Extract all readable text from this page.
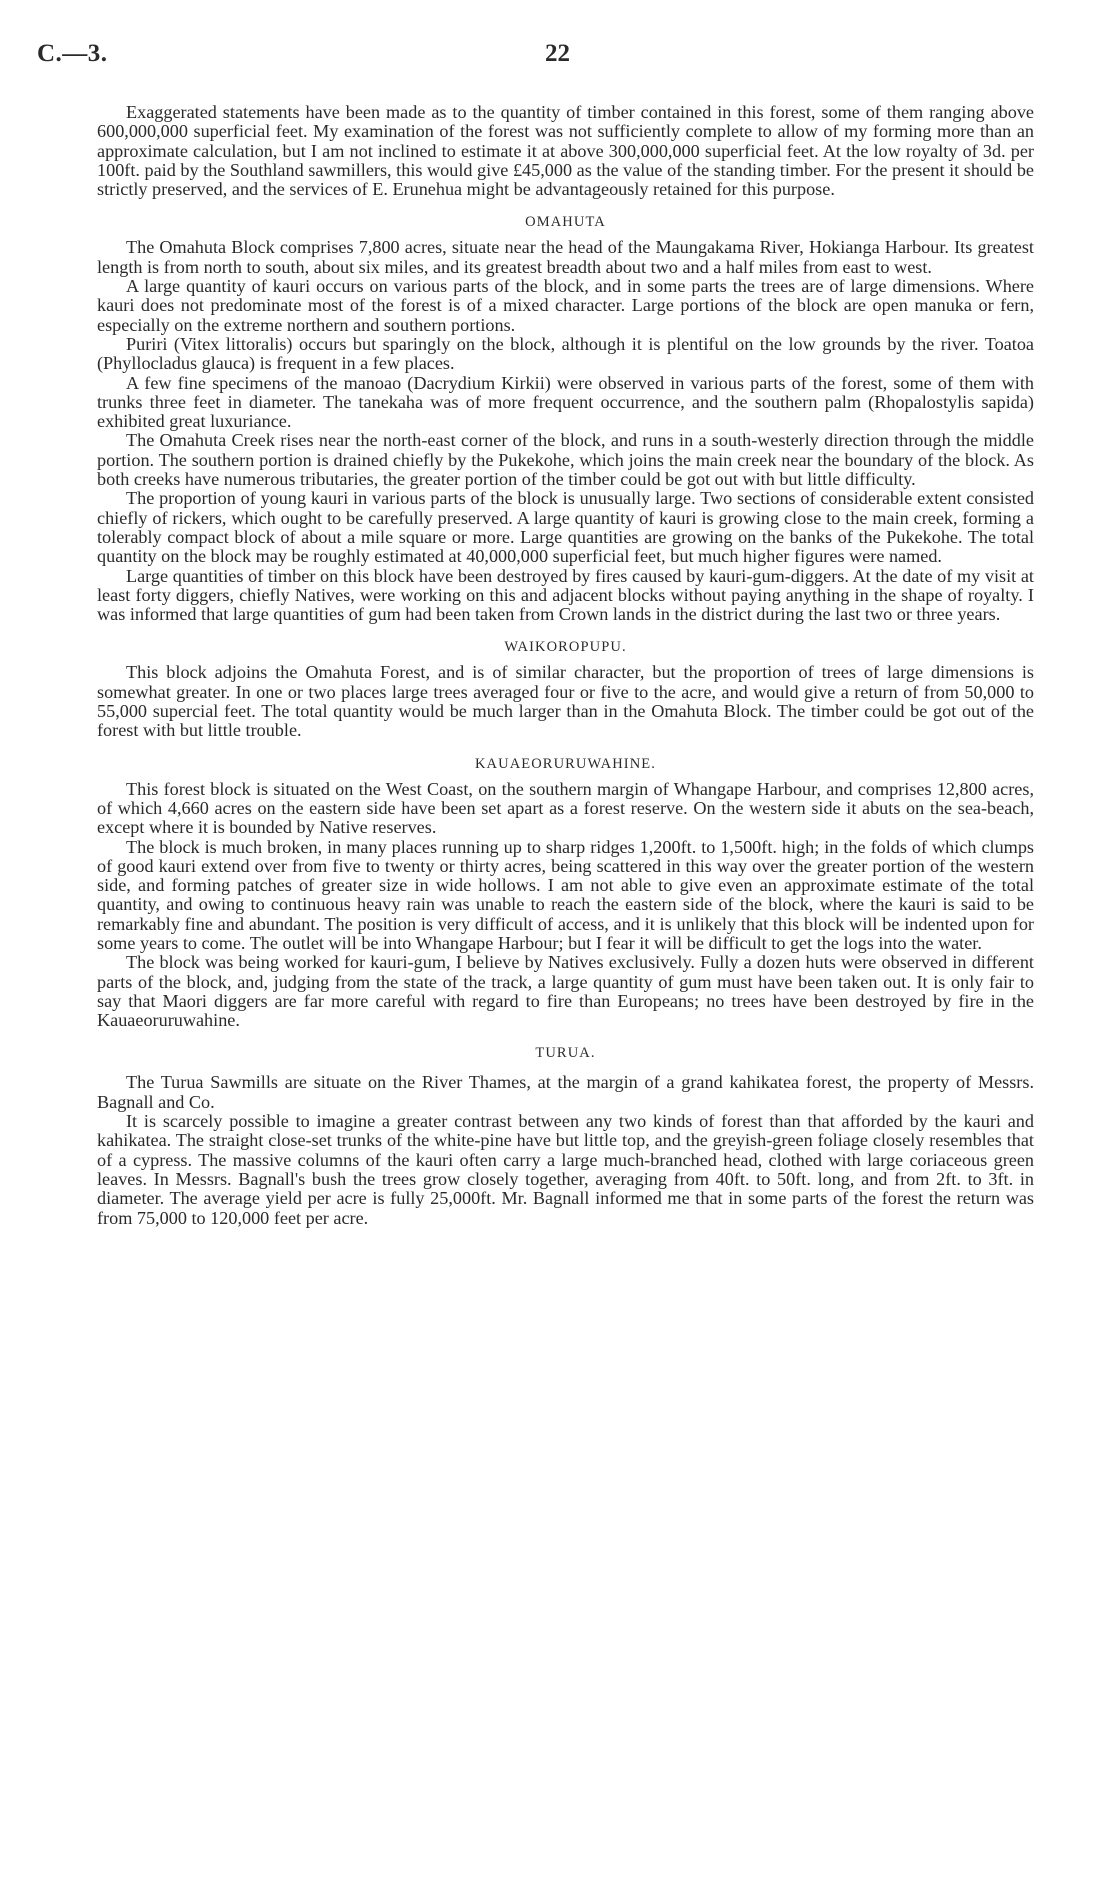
C.—3.	22

Exaggerated statements have been made as to the quantity of timber contained in this forest, some of them ranging above 600,000,000 superficial feet. My examination of the forest was not sufficiently complete to allow of my forming more than an approximate calculation, but I am not inclined to estimate it at above 300,000,000 superficial feet. At the low royalty of 3d. per 100ft. paid by the Southland sawmillers, this would give £45,000 as the value of the standing timber. For the present it should be strictly preserved, and the services of E. Erunehua might be advantageously retained for this purpose.

OMAHUTA

The Omahuta Block comprises 7,800 acres, situate near the head of the Maungakama River, Hokianga Harbour. Its greatest length is from north to south, about six miles, and its greatest breadth about two and a half miles from east to west.

A large quantity of kauri occurs on various parts of the block, and in some parts the trees are of large dimensions. Where kauri does not predominate most of the forest is of a mixed character. Large portions of the block are open manuka or fern, especially on the extreme northern and southern portions.

Puriri (Vitex littoralis) occurs but sparingly on the block, although it is plentiful on the low grounds by the river. Toatoa (Phyllocladus glauca) is frequent in a few places.

A few fine specimens of the manoao (Dacrydium Kirkii) were observed in various parts of the forest, some of them with trunks three feet in diameter. The tanekaha was of more frequent occurrence, and the southern palm (Rhopalostylis sapida) exhibited great luxuriance.

The Omahuta Creek rises near the north-east corner of the block, and runs in a south-westerly direction through the middle portion. The southern portion is drained chiefly by the Pukekohe, which joins the main creek near the boundary of the block. As both creeks have numerous tributaries, the greater portion of the timber could be got out with but little difficulty.

The proportion of young kauri in various parts of the block is unusually large. Two sections of considerable extent consisted chiefly of rickers, which ought to be carefully preserved. A large quantity of kauri is growing close to the main creek, forming a tolerably compact block of about a mile square or more. Large quantities are growing on the banks of the Pukekohe. The total quantity on the block may be roughly estimated at 40,000,000 superficial feet, but much higher figures were named.

Large quantities of timber on this block have been destroyed by fires caused by kauri-gum-diggers. At the date of my visit at least forty diggers, chiefly Natives, were working on this and adjacent blocks without paying anything in the shape of royalty. I was informed that large quantities of gum had been taken from Crown lands in the district during the last two or three years.

WAIKOROPUPU.

This block adjoins the Omahuta Forest, and is of similar character, but the proportion of trees of large dimensions is somewhat greater. In one or two places large trees averaged four or five to the acre, and would give a return of from 50,000 to 55,000 supercial feet. The total quantity would be much larger than in the Omahuta Block. The timber could be got out of the forest with but little trouble.

KAUAEORURUWAHINE.

This forest block is situated on the West Coast, on the southern margin of Whangape Harbour, and comprises 12,800 acres, of which 4,660 acres on the eastern side have been set apart as a forest reserve. On the western side it abuts on the sea-beach, except where it is bounded by Native reserves.

The block is much broken, in many places running up to sharp ridges 1,200ft. to 1,500ft. high; in the folds of which clumps of good kauri extend over from five to twenty or thirty acres, being scattered in this way over the greater portion of the western side, and forming patches of greater size in wide hollows. I am not able to give even an approximate estimate of the total quantity, and owing to continuous heavy rain was unable to reach the eastern side of the block, where the kauri is said to be remarkably fine and abundant. The position is very difficult of access, and it is unlikely that this block will be indented upon for some years to come. The outlet will be into Whangape Harbour; but I fear it will be difficult to get the logs into the water.

The block was being worked for kauri-gum, I believe by Natives exclusively. Fully a dozen huts were observed in different parts of the block, and, judging from the state of the track, a large quantity of gum must have been taken out. It is only fair to say that Maori diggers are far more careful with regard to fire than Europeans; no trees have been destroyed by fire in the Kauaeoruruwahine.

TURUA.

The Turua Sawmills are situate on the River Thames, at the margin of a grand kahikatea forest, the property of Messrs. Bagnall and Co.

It is scarcely possible to imagine a greater contrast between any two kinds of forest than that afforded by the kauri and kahikatea. The straight close-set trunks of the white-pine have but little top, and the greyish-green foliage closely resembles that of a cypress. The massive columns of the kauri often carry a large much-branched head, clothed with large coriaceous green leaves. In Messrs. Bagnall's bush the trees grow closely together, averaging from 40ft. to 50ft. long, and from 2ft. to 3ft. in diameter. The average yield per acre is fully 25,000ft. Mr. Bagnall informed me that in some parts of the forest the return was from 75,000 to 120,000 feet per acre.
